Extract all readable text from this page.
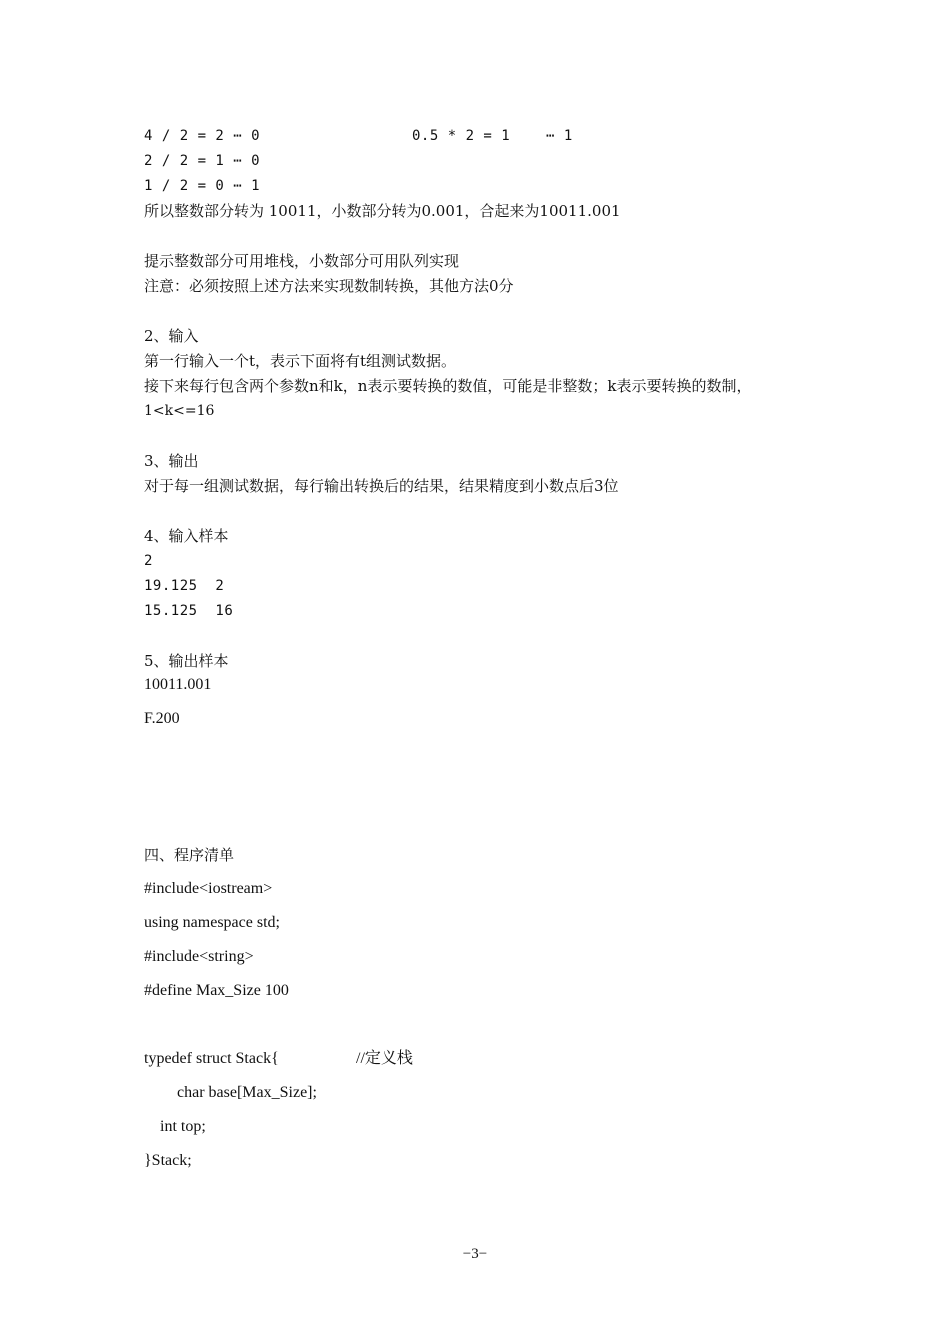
4 / 2 = 2 ⋯ 0	0.5 * 2 = 1	⋯ 1
2 / 2 = 1 ⋯ 0
1 / 2 = 0 ⋯ 1
所以整数部分转为 10011，小数部分转为0.001，合起来为10011.001
提示整数部分可用堆栈，小数部分可用队列实现
注意：必须按照上述方法来实现数制转换，其他方法0分
2、输入
第一行输入一个t，表示下面将有t组测试数据。
接下来每行包含两个参数n和k，n表示要转换的数值，可能是非整数；k表示要转换的数制，
1<k<=16
3、输出
对于每一组测试数据，每行输出转换后的结果，结果精度到小数点后3位
4、输入样本
2
19.125  2
15.125  16
5、输出样本
10011.001
F.200
四、程序清单
#include<iostream>
using namespace std;
#include<string>
#define Max_Size 100
typedef struct Stack{	//定义栈
char base[Max_Size];
int top;
}Stack;
−3−
